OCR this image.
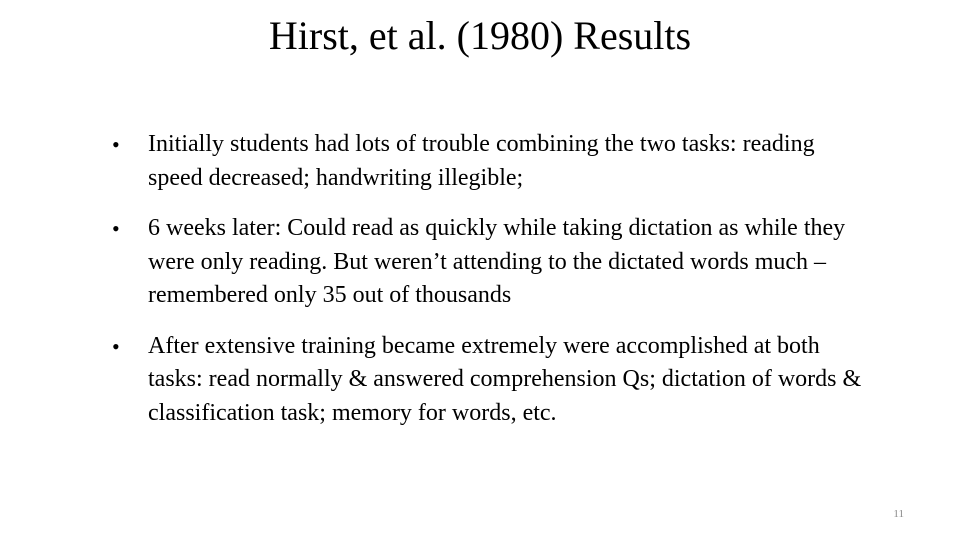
Hirst, et al. (1980) Results
•	Initially students had lots of trouble combining the two tasks: reading speed decreased; handwriting illegible;
•	6 weeks later: Could read as quickly while taking dictation as while they were only reading. But weren’t attending to the dictated words much – remembered only 35 out of thousands
•	After extensive training became extremely were accomplished at both tasks: read normally & answered comprehension Qs; dictation of words & classification task; memory for words, etc.
11
